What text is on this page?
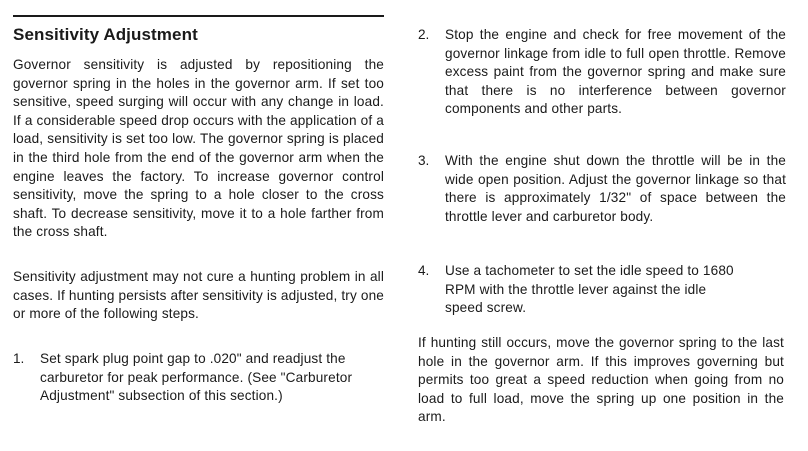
Sensitivity Adjustment

Governor sensitivity is adjusted by repositioning the governor spring in the holes in the governor arm. If set too sensitive, speed surging will occur with any change in load. If a considerable speed drop occurs with the application of a load, sensitivity is set too low. The governor spring is placed in the third hole from the end of the governor arm when the engine leaves the factory. To increase governor control sensitivity, move the spring to a hole closer to the cross shaft. To decrease sensitivity, move it to a hole farther from the cross shaft.

Sensitivity adjustment may not cure a hunting problem in all cases. If hunting persists after sensitivity is adjusted, try one or more of the following steps.

1.	Set spark plug point gap to .020" and readjust the carburetor for peak performance. (See "Carburetor Adjustment" subsection of this section.)
2.	Stop the engine and check for free movement of the governor linkage from idle to full open throttle. Remove excess paint from the governor spring and make sure that there is no interference between governor components and other parts.
3.	With the engine shut down the throttle will be in the wide open position. Adjust the governor linkage so that there is approximately 1/32" of space between the throttle lever and carburetor body.
4.	Use a tachometer to set the idle speed to 1680 RPM with the throttle lever against the idle speed screw.

If hunting still occurs, move the governor spring to the last hole in the governor arm. If this improves governing but permits too great a speed reduction when going from no load to full load, move the spring up one position in the arm.
